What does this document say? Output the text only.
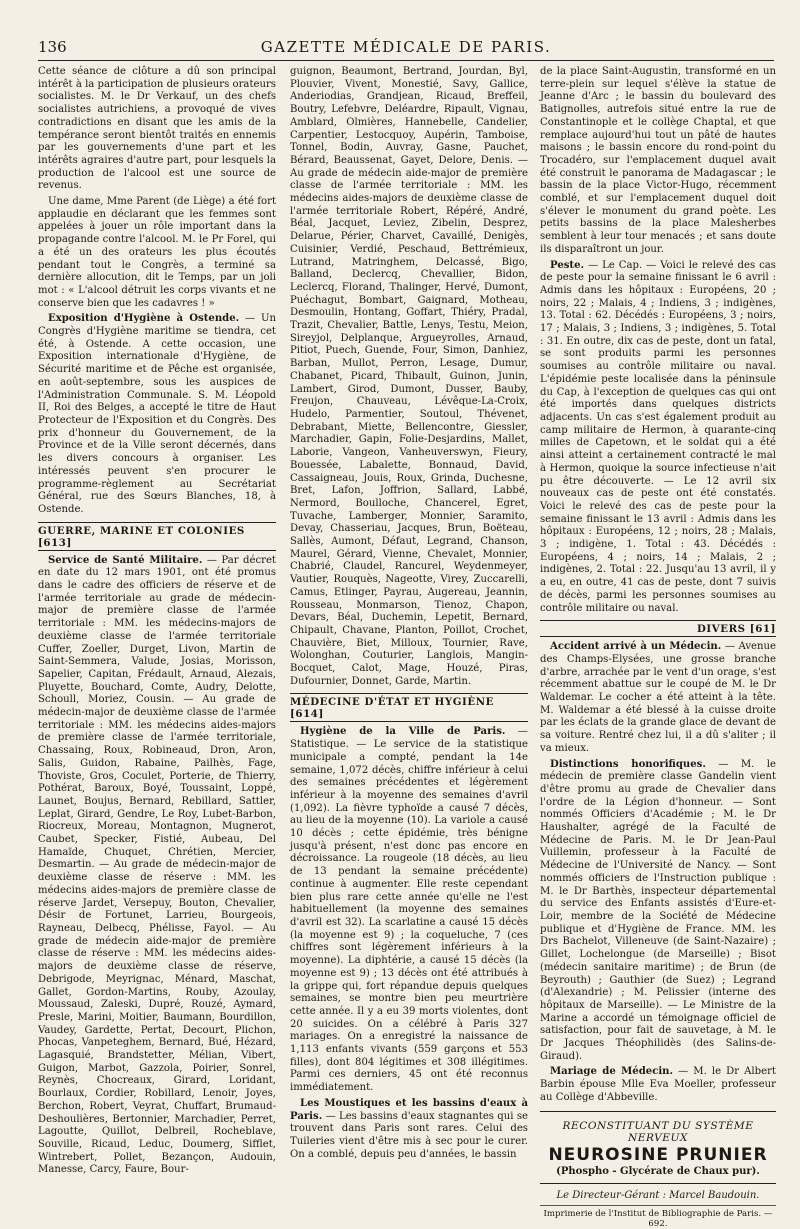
136	GAZETTE MÉDICALE DE PARIS.

Cette séance de clôture a dû son principal intérêt à la participation de plusieurs orateurs socialistes. M. le Dr Verkauf, un des chefs socialistes autrichiens, a provoqué de vives contradictions en disant que les amis de la tempérance seront bientôt traités en ennemis par les gouvernements d'une part et les intérêts agraires d'autre part, pour lesquels la production de l'alcool est une source de revenus.

Une dame, Mme Parent (de Liège) a été fort applaudie en déclarant que les femmes sont appelées à jouer un rôle important dans la propagande contre l'alcool. M. le Pr Forel, qui a été un des orateurs les plus écoutés pendant tout le Congrès, a terminé sa dernière allocution, dit le Temps, par un joli mot : « L'alcool détruit les corps vivants et ne conserve bien que les cadavres ! »

Exposition d'Hygiène à Ostende. — Un Congrès d'Hygiène maritime se tiendra, cet été, à Ostende. A cette occasion, une Exposition internationale d'Hygiène, de Sécurité maritime et de Pêche est organisée, en août-septembre, sous les auspices de l'Administration Communale. S. M. Léopold II, Roi des Belges, a accepté le titre de Haut Protecteur de l'Exposition et du Congrès. Des prix d'honneur du Gouvernement, de la Province et de la Ville seront décernés, dans les divers concours à organiser. Les intéressés peuvent s'en procurer le programme-règlement au Secrétariat Général, rue des Sœurs Blanches, 18, à Ostende.

GUERRE, MARINE ET COLONIES [613]

Service de Santé Militaire. — Par décret en date du 12 mars 1901, ont été promus dans le cadre des officiers de réserve et de l'armée territoriale au grade de médecin-major de première classe de l'armée territoriale : MM. les médecins-majors de deuxième classe de l'armée territoriale Cuffer, Zoeller, Durget, Livon, Martin de Saint-Semmera, Valude, Josias, Morisson, Sapelier, Capitan, Frédault, Arnaud, Alezais, Pluyette, Bouchard, Comte, Audry, Delotte, Schoull, Moriez, Cousin. — Au grade de médecin-major de deuxième classe de l'armée territoriale : MM. les médecins aides-majors de première classe de l'armée territoriale, Chassaing, Roux, Robineaud, Dron, Aron, Salis, Guidon, Rabaine, Pailhès, Fage, Thoviste, Gros, Coculet, Porterie, de Thierry, Pothérat, Baroux, Boyé, Toussaint, Loppé, Launet, Boujus, Bernard, Rebillard, Sattler, Leplat, Girard, Gendre, Le Roy, Lubet-Barbon, Riocreux, Moreau, Montagnon, Mugnerot, Caubet, Specker, Fistié, Aubeau, Del Hamaïde, Chuquet, Chrétien, Mercier, Desmartin. — Au grade de médecin-major de deuxième classe de réserve : MM. les médecins aides-majors de première classe de réserve Jardet, Versepuy, Bouton, Chevalier, Désir de Fortunet, Larrieu, Bourgeois, Rayneau, Delbecq, Phélisse, Fayol. — Au grade de médecin aide-major de première classe de réserve : MM. les médecins aides-majors de deuxième classe de réserve, Debrigode, Meyrignac, Ménard, Maschat, Gallet, Gordon-Martins, Rouby, Azoulay, Moussaud, Zaleski, Dupré, Rouzé, Aymard, Presle, Marini, Moitier, Baumann, Bourdillon, Vaudey, Gardette, Pertat, Decourt, Plichon, Phocas, Vanpeteghem, Bernard, Bué, Hézard, Lagasquié, Brandstetter, Mélian, Vibert, Guigon, Marbot, Gazzola, Poirier, Sonrel, Reynès, Chocreaux, Girard, Loridant, Bourlaux, Cordier, Robillard, Lenoir, Joyes, Berchon, Robert, Veyrat, Chuffart, Brumaud-Deshoulières, Bertonnier, Marchadier, Perret, Lagoutte, Quillot, Delbreil, Rocheblave, Souville, Ricaud, Leduc, Doumerg, Sifflet, Wintrebert, Pollet, Bezançon, Audouin, Manesse, Carcy, Faure, Bour-

guignon, Beaumont, Bertrand, Jourdan, Byl, Plouvier, Vivent, Monestié, Savy, Gallice, Anderiodias, Grandjean, Ricaud, Breffeil, Boutry, Lefebvre, Deléardre, Ripault, Vignau, Amblard, Olmières, Hannebelle, Candelier, Carpentier, Lestocquoy, Aupérin, Tamboise, Tonnel, Bodin, Auvray, Gasne, Pauchet, Bérard, Beaussenat, Gayet, Delore, Denis. — Au grade de médecin aide-major de première classe de l'armée territoriale : MM. les médecins aides-majors de deuxième classe de l'armée territoriale Robert, Répéré, André, Béal, Jacquet, Leviez, Zibelin, Desprez, Delarue, Périer, Charvet, Cavaillé, Denigès, Cuisinier, Verdié, Peschaud, Bettrémieux, Lutrand, Matringhem, Delcassé, Bigo, Balland, Declercq, Chevallier, Bidon, Leclercq, Florand, Thalinger, Hervé, Dumont, Puéchagut, Bombart, Gaignard, Motheau, Desmoulin, Hontang, Goffart, Thiéry, Pradal, Trazit, Chevalier, Battle, Lenys, Testu, Meion, Sireyjol, Delplanque, Argueyrolles, Arnaud, Pitiot, Puech, Guende, Four, Simon, Danhiez, Barban, Mullot, Perron, Lesage, Dumur, Chabanet, Picard, Thibault, Guinon, Junin, Lambert, Girod, Dumont, Dusser, Bauby, Freujon, Chauveau, Lévêque-La-Croix, Hudelo, Parmentier, Soutoul, Thévenet, Debrabant, Miette, Bellencontre, Giessler, Marchadier, Gapin, Folie-Desjardins, Mallet, Laborie, Vangeon, Vanheuverswyn, Fieury, Bouessée, Labalette, Bonnaud, David, Cassaigneau, Jouis, Roux, Grinda, Duchesne, Bret, Lafon, Joffrion, Sallard, Labbé, Nermord, Boulloche, Chancerel, Egret, Tuvache, Lamberger, Monnier, Saramito, Devay, Chasseriau, Jacques, Brun, Boëteau, Sallès, Aumont, Défaut, Legrand, Chanson, Maurel, Gérard, Vienne, Chevalet, Monnier, Chabrié, Claudel, Rancurel, Weydenmeyer, Vautier, Rouquès, Nageotte, Virey, Zuccarelli, Camus, Etlinger, Payrau, Augereau, Jeannin, Rousseau, Monmarson, Tienoz, Chapon, Devars, Béal, Duchemin, Lepetit, Bernard, Chipault, Chavane, Planton, Poillot, Crochet, Chauvière, Biet, Milloux, Tournier, Rave, Wolonghan, Couturier, Langlois, Mangin-Bocquet, Calot, Mage, Houzé, Piras, Dufournier, Donnet, Garde, Martin.

MÉDECINE D'ÉTAT ET HYGIÈNE [614]

Hygiène de la Ville de Paris. — Statistique. — Le service de la statistique municipale a compté, pendant la 14e semaine, 1,072 décès, chiffre inférieur à celui des semaines précédentes et légèrement inférieur à la moyenne des semaines d'avril (1,092). La fièvre typhoïde a causé 7 décès, au lieu de la moyenne (10). La variole a causé 10 décès ; cette épidémie, très bénigne jusqu'à présent, n'est donc pas encore en décroissance. La rougeole (18 décès, au lieu de 13 pendant la semaine précédente) continue à augmenter. Elle reste cependant bien plus rare cette année qu'elle ne l'est habituellement (la moyenne des semaines d'avril est 32). La scarlatine a causé 15 décès (la moyenne est 9) ; la coqueluche, 7 (ces chiffres sont légèrement inférieurs à la moyenne). La diphtérie, a causé 15 décès (la moyenne est 9) ; 13 décès ont été attribués à la grippe qui, fort répandue depuis quelques semaines, se montre bien peu meurtrière cette année. Il y a eu 39 morts violentes, dont 20 suicides. On a célébré à Paris 327 mariages. On a enregistré la naissance de 1,113 enfants vivants (559 garçons et 553 filles), dont 804 légitimes et 308 illégitimes. Parmi ces derniers, 45 ont été reconnus immédiatement.

Les Moustiques et les bassins d'eaux à Paris. — Les bassins d'eaux stagnantes qui se trouvent dans Paris sont rares. Celui des Tuileries vient d'être mis à sec pour le curer. On a comblé, depuis peu d'années, le bassin

de la place Saint-Augustin, transformé en un terre-plein sur lequel s'élève la statue de Jeanne d'Arc ; le bassin du boulevard des Batignolles, autrefois situé entre la rue de Constantinople et le collège Chaptal, et que remplace aujourd'hui tout un pâté de hautes maisons ; le bassin encore du rond-point du Trocadéro, sur l'emplacement duquel avait été construit le panorama de Madagascar ; le bassin de la place Victor-Hugo, récemment comblé, et sur l'emplacement duquel doit s'élever le monument du grand poète. Les petits bassins de la place Malesherbes semblent à leur tour menacés ; et sans doute ils disparaîtront un jour.

Peste. — Le Cap. — Voici le relevé des cas de peste pour la semaine finissant le 6 avril : Admis dans les hôpitaux : Européens, 20 ; noirs, 22 ; Malais, 4 ; Indiens, 3 ; indigènes, 13. Total : 62. Décédés : Européens, 3 ; noirs, 17 ; Malais, 3 ; Indiens, 3 ; indigènes, 5. Total : 31. En outre, dix cas de peste, dont un fatal, se sont produits parmi les personnes soumises au contrôle militaire ou naval. L'épidémie peste localisée dans la péninsule du Cap, à l'exception de quelques cas qui ont été importés dans quelques districts adjacents. Un cas s'est également produit au camp militaire de Hermon, à quarante-cinq milles de Capetown, et le soldat qui a été ainsi atteint a certainement contracté le mal à Hermon, quoique la source infectieuse n'ait pu être découverte. — Le 12 avril six nouveaux cas de peste ont été constatés. Voici le relevé des cas de peste pour la semaine finissant le 13 avril : Admis dans les hôpitaux : Européens, 12 ; noirs, 28 ; Malais, 3 ; indigène, 1. Total : 43. Décédés : Européens, 4 ; noirs, 14 ; Malais, 2 ; indigènes, 2. Total : 22. Jusqu'au 13 avril, il y a eu, en outre, 41 cas de peste, dont 7 suivis de décès, parmi les personnes soumises au contrôle militaire ou naval.

DIVERS [61]

Accident arrivé à un Médecin. — Avenue des Champs-Elysées, une grosse branche d'arbre, arrachée par le vent d'un orage, s'est récemment abattue sur le coupé de M. le Dr Waldemar. Le cocher a été atteint à la tête. M. Waldemar a été blessé à la cuisse droite par les éclats de la grande glace de devant de sa voiture. Rentré chez lui, il a dû s'aliter ; il va mieux.

Distinctions honorifiques. — M. le médecin de première classe Gandelin vient d'être promu au grade de Chevalier dans l'ordre de la Légion d'honneur. — Sont nommés Officiers d'Académie ; M. le Dr Haushalter, agrégé de la Faculté de Médecine de Paris. M. le Dr Jean-Paul Vuillemin, professeur à la Faculté de Médecine de l'Université de Nancy. — Sont nommés officiers de l'Instruction publique : M. le Dr Barthès, inspecteur départemental du service des Enfants assistés d'Eure-et-Loir, membre de la Société de Médecine publique et d'Hygiène de France. MM. les Drs Bachelot, Villeneuve (de Saint-Nazaire) ; Gillet, Lochelongue (de Marseille) ; Bisot (médecin sanitaire maritime) ; de Brun (de Beyrouth) ; Gauthier (de Suez) ; Legrand (d'Alexandrie) ; M. Pelissier (interne des hôpitaux de Marseille). — Le Ministre de la Marine a accordé un témoignage officiel de satisfaction, pour fait de sauvetage, à M. le Dr Jacques Théophilidès (des Salins-de-Giraud).

Mariage de Médecin. — M. le Dr Albert Barbin épouse Mlle Eva Moeller, professeur au Collège d'Abbeville.

RECONSTITUANT DU SYSTÈME NERVEUX
NEUROSINE PRUNIER
(Phospho - Glycérate de Chaux pur).
Le Directeur-Gérant : Marcel Baudouin.
Imprimerie de l'Institut de Bibliographie de Paris. — 692.
